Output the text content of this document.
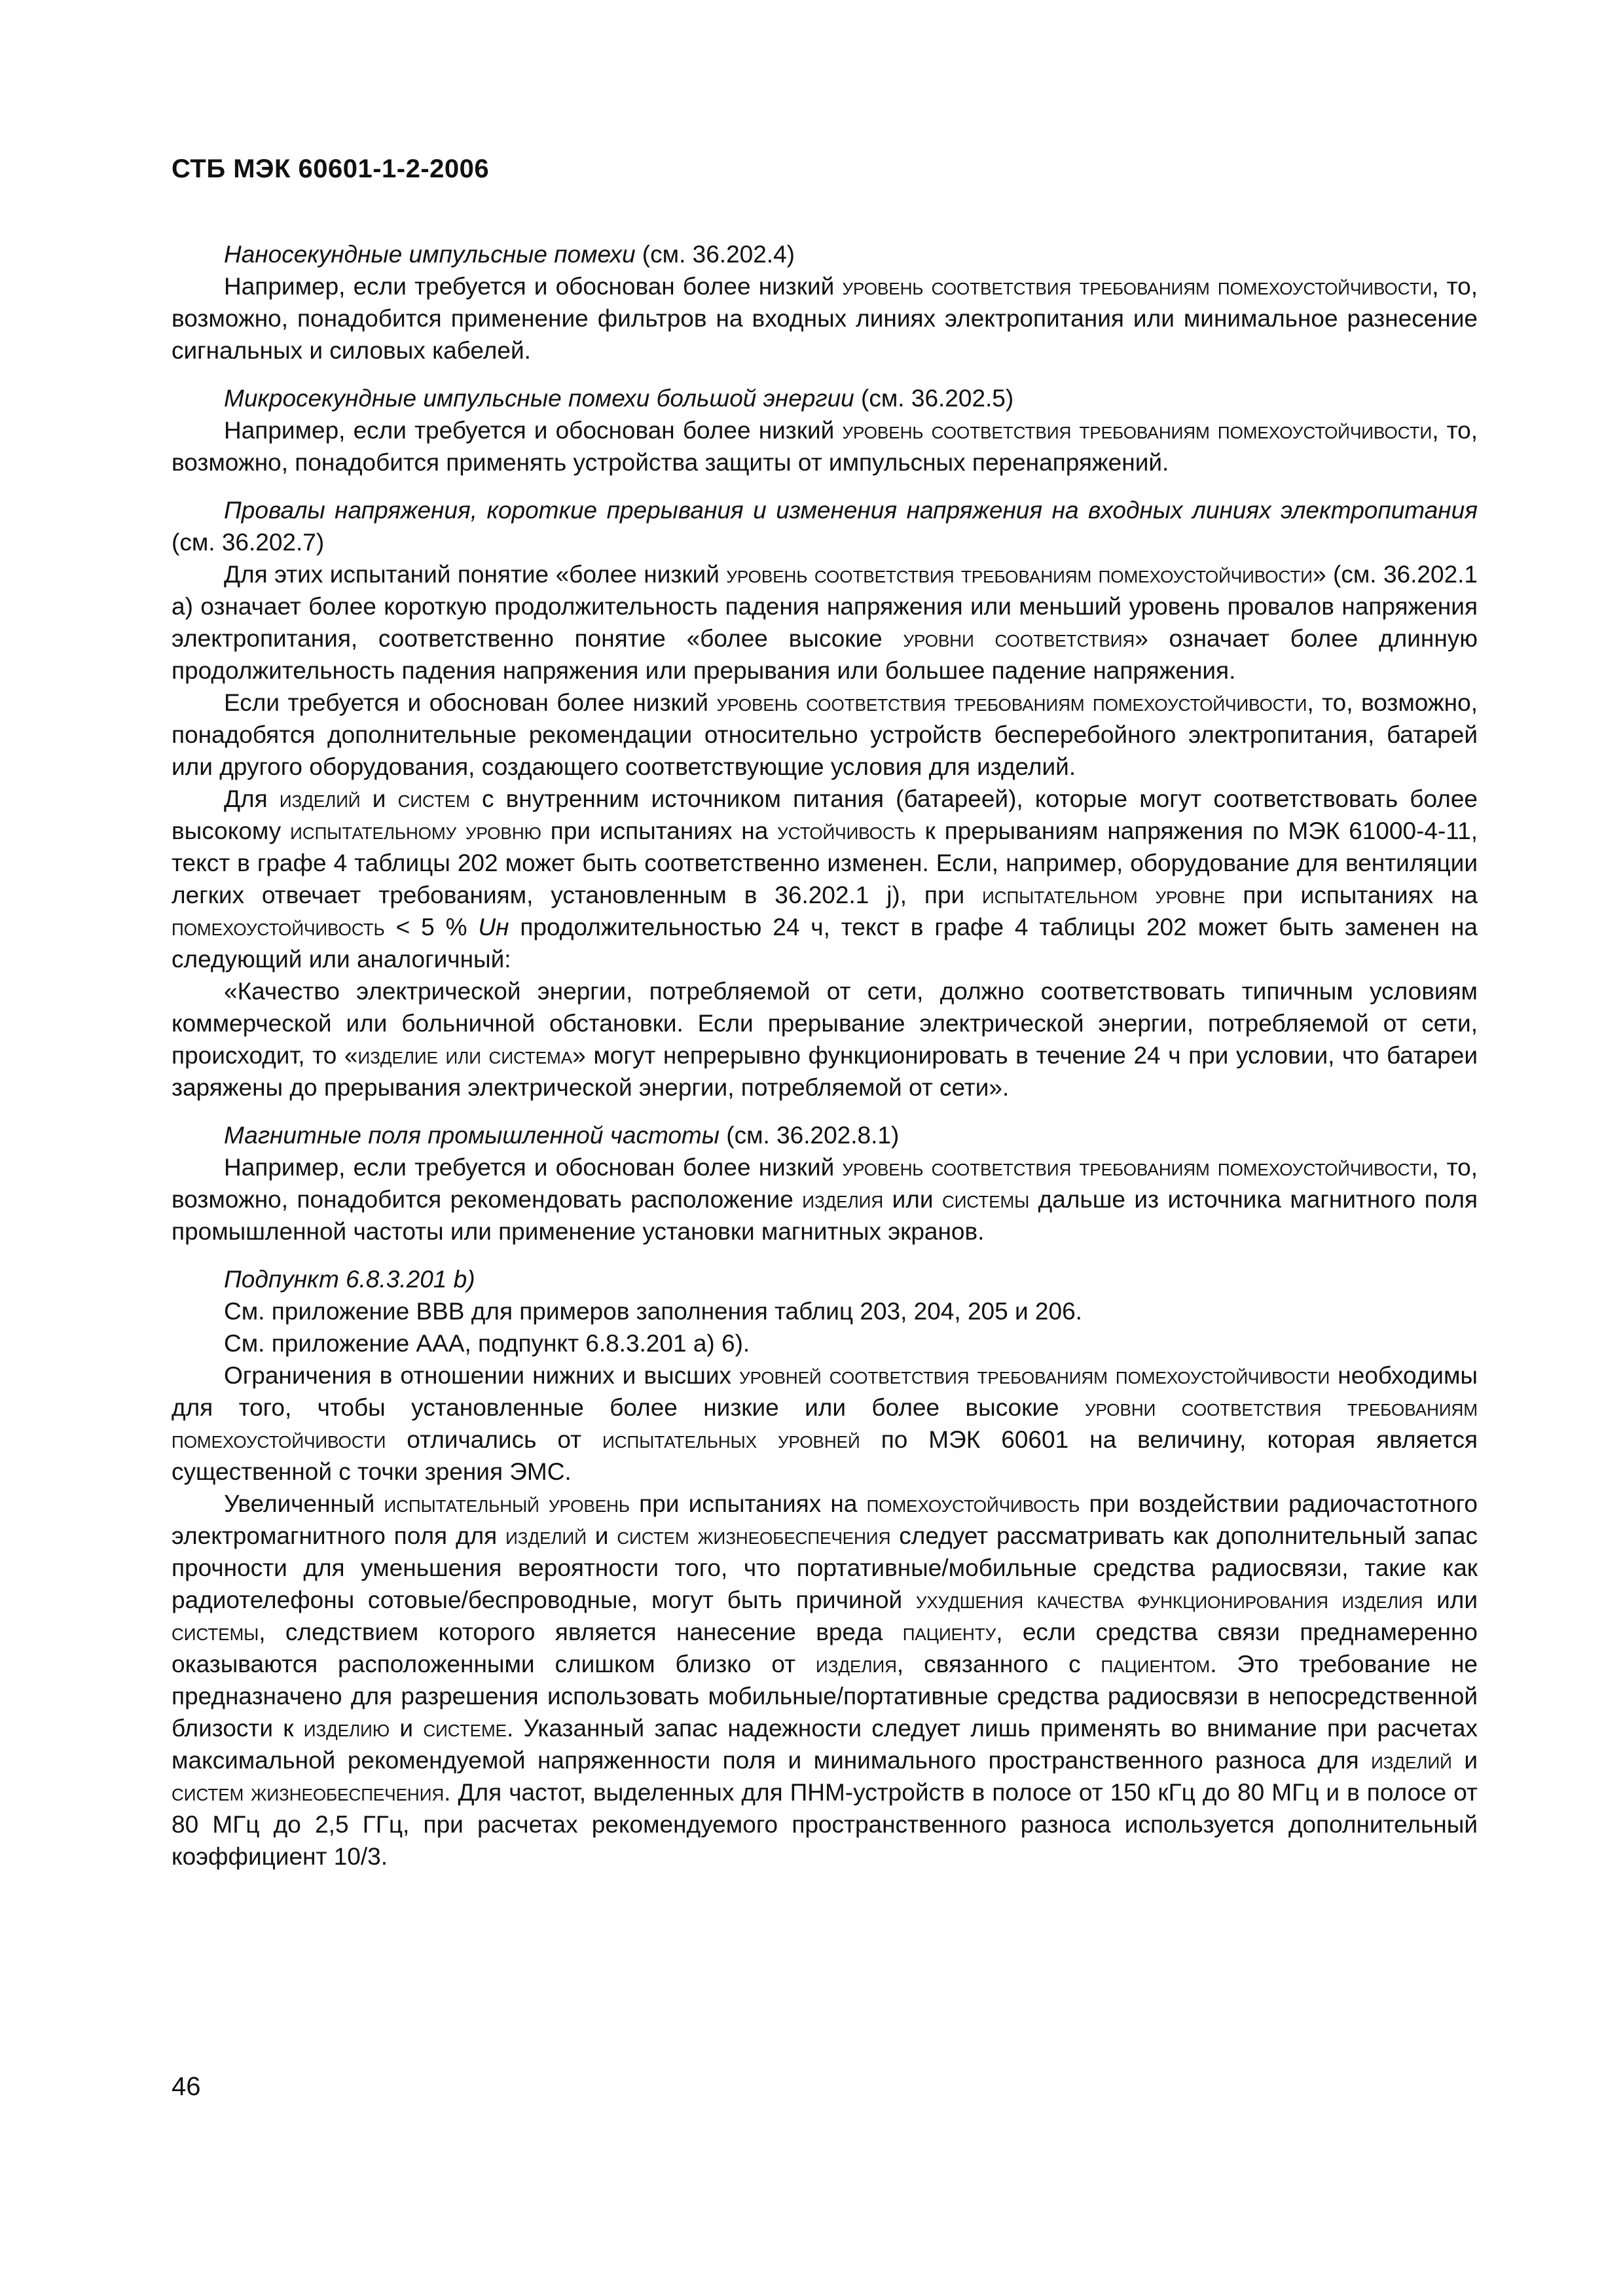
СТБ МЭК 60601-1-2-2006

Наносекундные импульсные помехи (см. 36.202.4)

Например, если требуется и обоснован более низкий уровень соответствия требованиям помехоустойчивости, то, возможно, понадобится применение фильтров на входных линиях электропитания или минимальное разнесение сигнальных и силовых кабелей.

Микросекундные импульсные помехи большой энергии (см. 36.202.5)

Например, если требуется и обоснован более низкий уровень соответствия требованиям помехоустойчивости, то, возможно, понадобится применять устройства защиты от импульсных перенапряжений.

Провалы напряжения, короткие прерывания и изменения напряжения на входных линиях электропитания (см. 36.202.7)

Для этих испытаний понятие «более низкий уровень соответствия требованиям помехоустойчивости» (см. 36.202.1 а) означает более короткую продолжительность падения напряжения или меньший уровень провалов напряжения электропитания, соответственно понятие «более высокие уровни соответствия» означает более длинную продолжительность падения напряжения или прерывания или большее падение напряжения.

Если требуется и обоснован более низкий уровень соответствия требованиям помехоустойчивости, то, возможно, понадобятся дополнительные рекомендации относительно устройств бесперебойного электропитания, батарей или другого оборудования, создающего соответствующие условия для изделий.

Для изделий и систем с внутренним источником питания (батареей), которые могут соответствовать более высокому испытательному уровню при испытаниях на устойчивость к прерываниям напряжения по МЭК 61000-4-11, текст в графе 4 таблицы 202 может быть соответственно изменен. Если, например, оборудование для вентиляции легких отвечает требованиям, установленным в 36.202.1 j), при испытательном уровне при испытаниях на помехоустойчивость < 5 % Uн продолжительностью 24 ч, текст в графе 4 таблицы 202 может быть заменен на следующий или аналогичный:

«Качество электрической энергии, потребляемой от сети, должно соответствовать типичным условиям коммерческой или больничной обстановки. Если прерывание электрической энергии, потребляемой от сети, происходит, то «изделие или система» могут непрерывно функционировать в течение 24 ч при условии, что батареи заряжены до прерывания электрической энергии, потребляемой от сети».

Магнитные поля промышленной частоты (см. 36.202.8.1)

Например, если требуется и обоснован более низкий уровень соответствия требованиям помехоустойчивости, то, возможно, понадобится рекомендовать расположение изделия или системы дальше из источника магнитного поля промышленной частоты или применение установки магнитных экранов.

Подпункт 6.8.3.201 b)

См. приложение ВВВ для примеров заполнения таблиц 203, 204, 205 и 206.

См. приложение ААА, подпункт 6.8.3.201 а) 6).

Ограничения в отношении нижних и высших уровней соответствия требованиям помехоустойчивости необходимы для того, чтобы установленные более низкие или более высокие уровни соответствия требованиям помехоустойчивости отличались от испытательных уровней по МЭК 60601 на величину, которая является существенной с точки зрения ЭМС.

Увеличенный испытательный уровень при испытаниях на помехоустойчивость при воздействии радиочастотного электромагнитного поля для изделий и систем жизнеобеспечения следует рассматривать как дополнительный запас прочности для уменьшения вероятности того, что портативные/мобильные средства радиосвязи, такие как радиотелефоны сотовые/беспроводные, могут быть причиной ухудшения качества функционирования изделия или системы, следствием которого является нанесение вреда пациенту, если средства связи преднамеренно оказываются расположенными слишком близко от изделия, связанного с пациентом. Это требование не предназначено для разрешения использовать мобильные/портативные средства радиосвязи в непосредственной близости к изделию и системе. Указанный запас надежности следует лишь применять во внимание при расчетах максимальной рекомендуемой напряженности поля и минимального пространственного разноса для изделий и систем жизнеобеспечения. Для частот, выделенных для ПНМ-устройств в полосе от 150 кГц до 80 МГц и в полосе от 80 МГц до 2,5 ГГц, при расчетах рекомендуемого пространственного разноса используется дополнительный коэффициент 10/3.

46
